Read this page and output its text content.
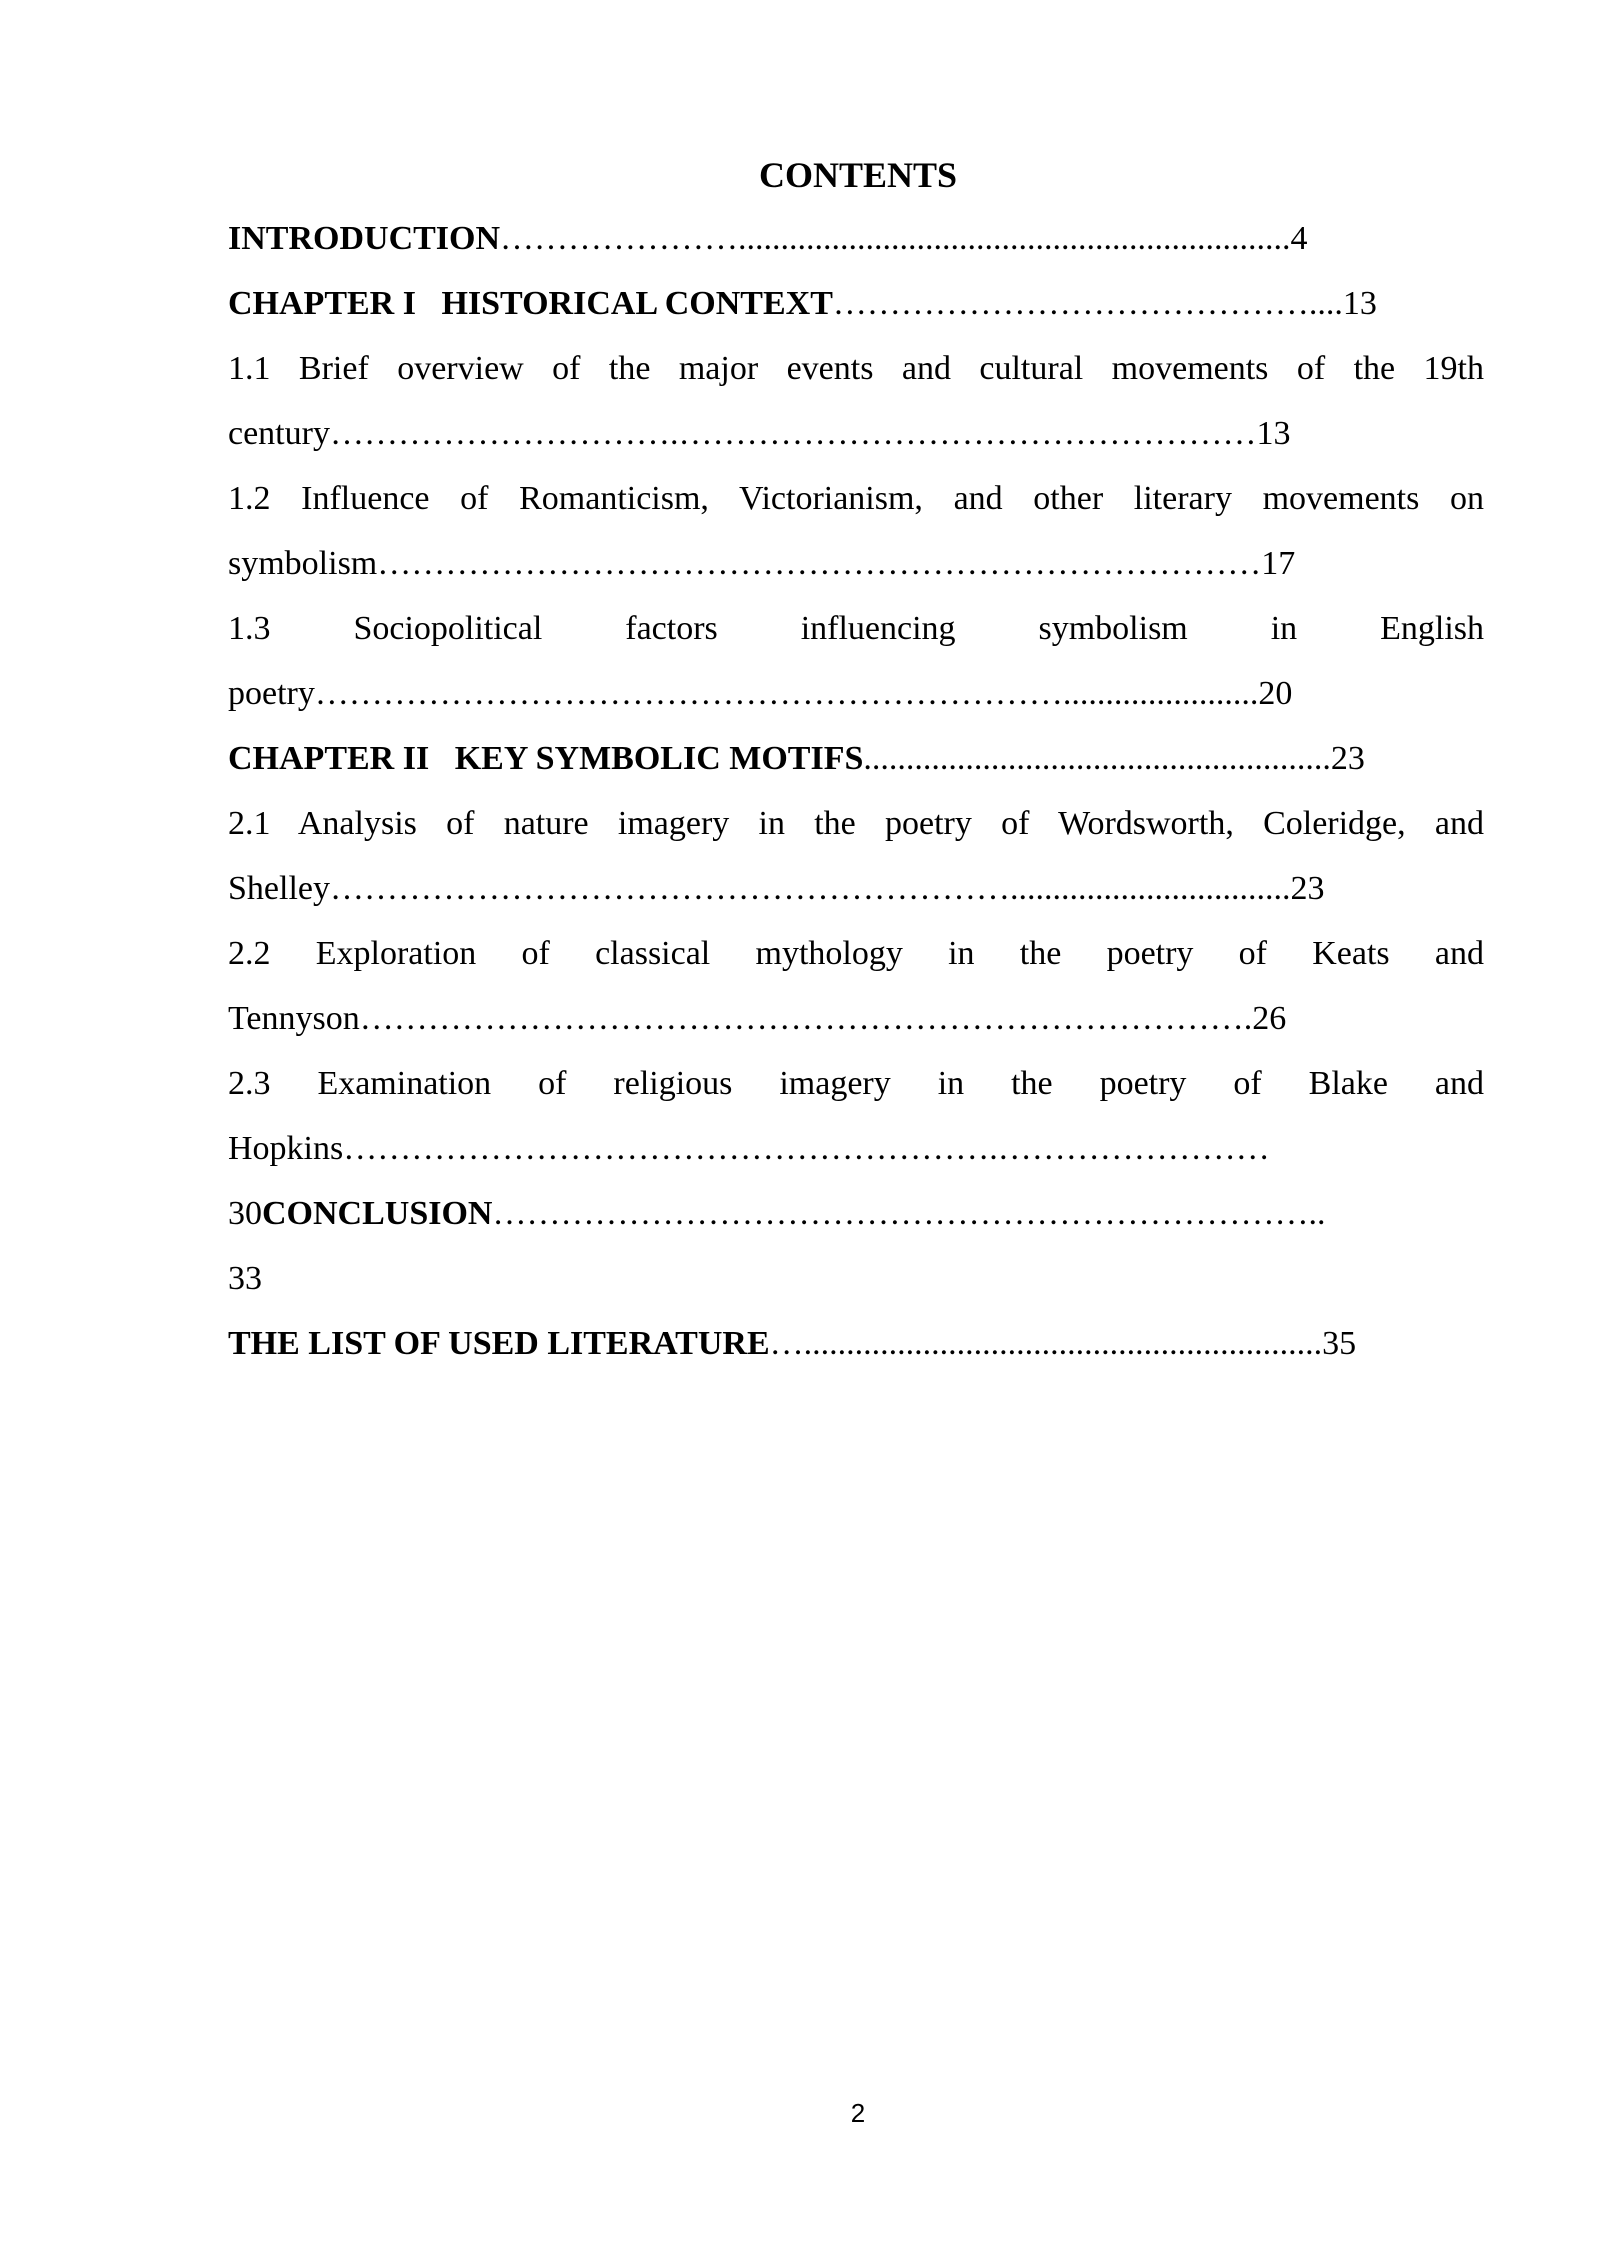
CONTENTS
INTRODUCTION………………….................................................................4
CHAPTER I   HISTORICAL CONTEXT……………………………………....13
1.1 Brief overview of the major events and cultural movements of the 19th
century………………………….……………………………………………13
1.2 Influence of Romanticism, Victorianism, and other literary movements on
symbolism……………………………………………………………………17
1.3 Sociopolitical factors influencing symbolism in English
poetry………………………………………………………….......................20
CHAPTER II   KEY SYMBOLIC MOTIFS.......................................................23
2.1 Analysis of nature imagery in the poetry of Wordsworth, Coleridge, and
Shelley…………………………………………………….................................23
2.2 Exploration of classical mythology in the poetry of Keats and
Tennyson…………………………………………………………………….26
2.3 Examination of religious imagery in the poetry of Blake and
Hopkins………………………………………………….……………………
30CONCLUSION………………………………………………………………..
33
THE LIST OF USED LITERATURE….............................................................35
2
